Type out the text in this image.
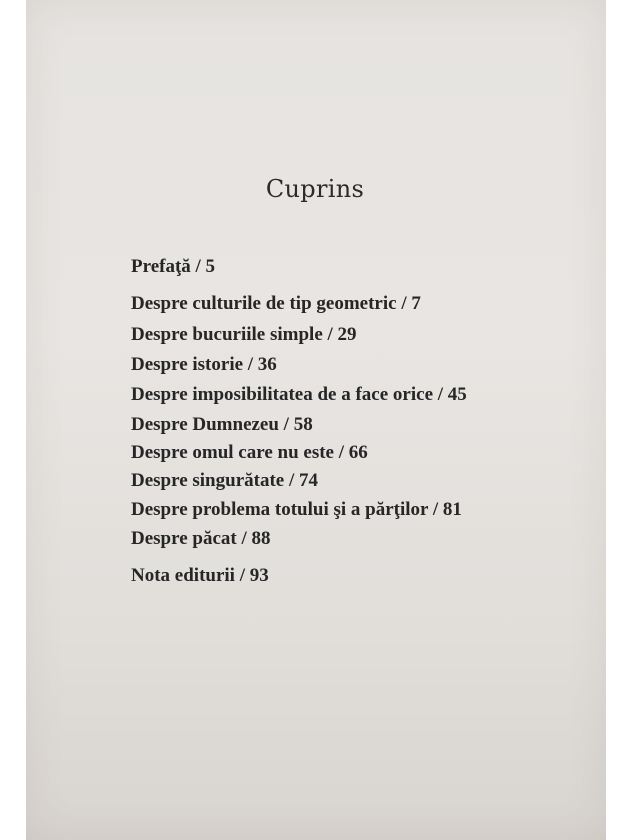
Cuprins
Prefaţă / 5
Despre culturile de tip geometric / 7
Despre bucuriile simple / 29
Despre istorie / 36
Despre imposibilitatea de a face orice / 45
Despre Dumnezeu / 58
Despre omul care nu este / 66
Despre singurătate / 74
Despre problema totului şi a părţilor / 81
Despre păcat / 88
Nota editurii / 93
